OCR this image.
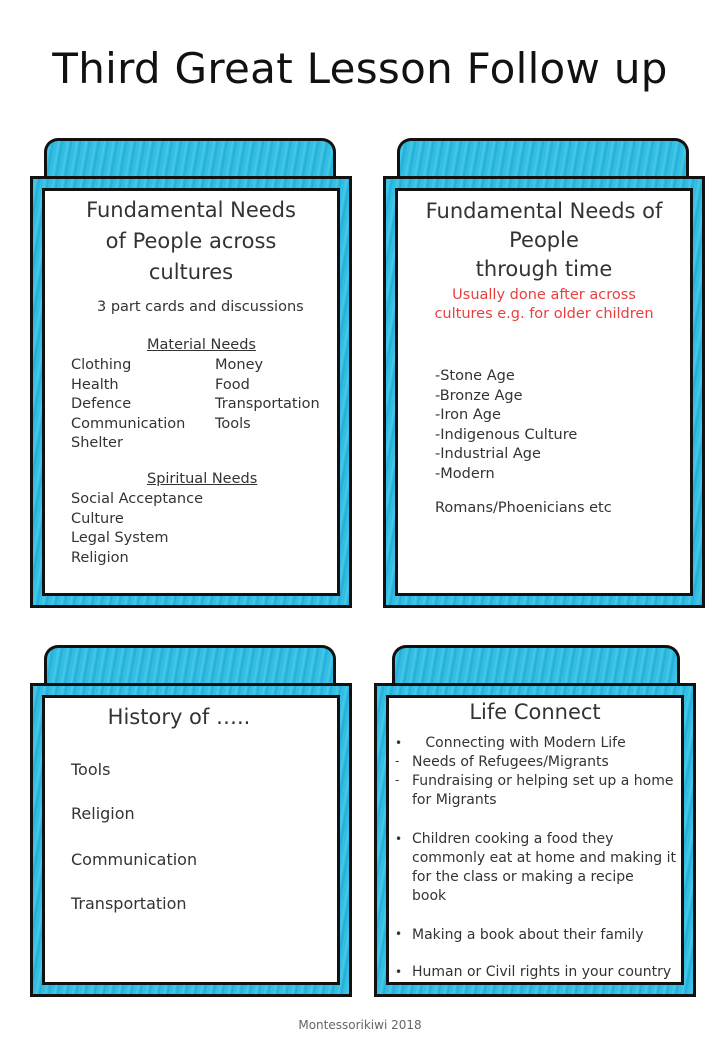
Third Great Lesson Follow up
Fundamental Needs
of People across
cultures
3 part cards and discussions
Material Needs
Clothing
Health
Defence
Communication
Shelter
Money
Food
Transportation
Tools
Spiritual Needs
Social Acceptance
Culture
Legal System
Religion
Fundamental Needs of
People
through time
Usually done after across
cultures e.g. for older children
-Stone Age
-Bronze Age
-Iron Age
-Indigenous Culture
-Industrial Age
-Modern
Romans/Phoenicians etc
History of …..
Tools
Religion
Communication
Transportation
Life Connect
• Connecting with Modern Life
- Needs of Refugees/Migrants
- Fundraising or helping set up a home
for Migrants
• Children cooking a food they
commonly eat at home and making it
for the class or making a recipe
book
• Making a book about their family
• Human or Civil rights in your country
Montessorikiwi 2018
